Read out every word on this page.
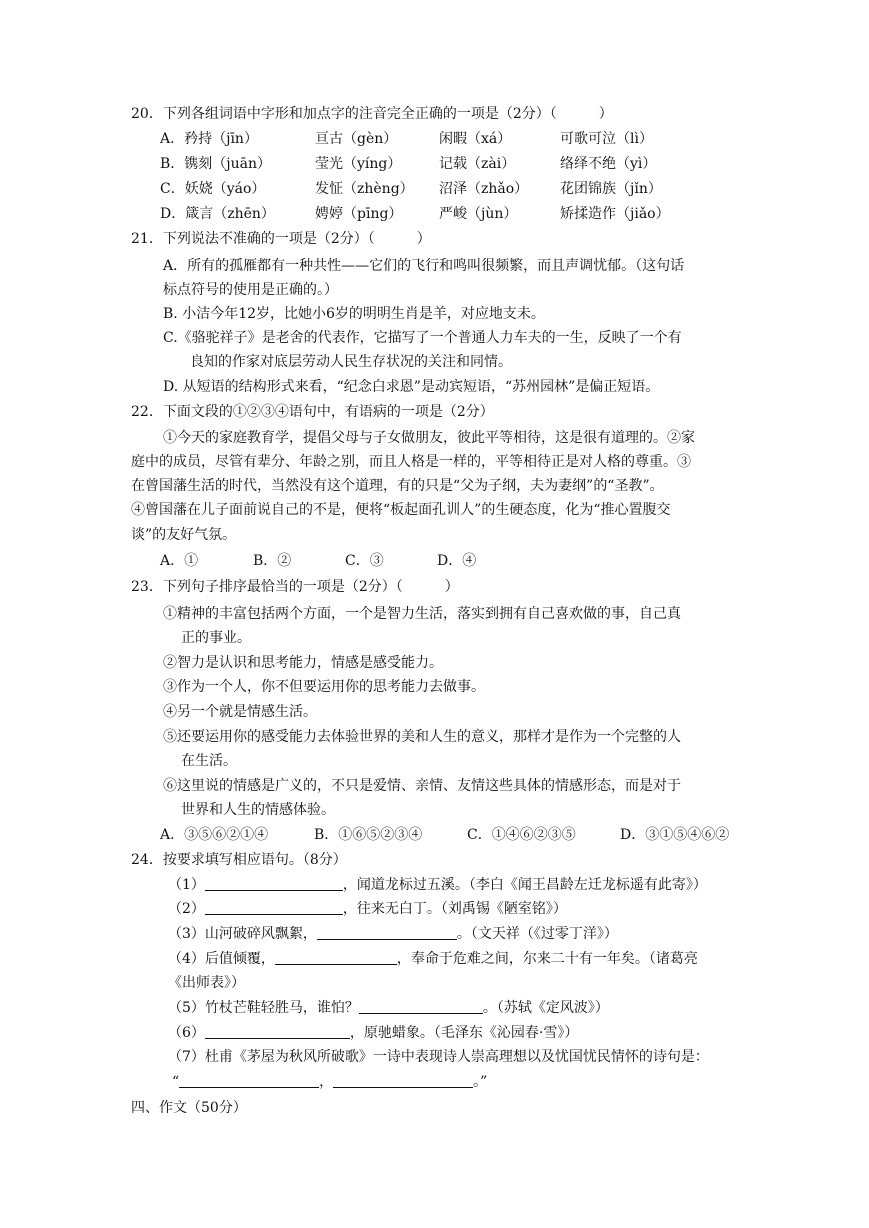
20．下列各组词语中字形和加点字的注音完全正确的一项是（2分）（　　　）
A．矜持（jīn）	亘古（gèn）	闲暇（xá）	可歌可泣（lì）
B．镌刻（juān）	莹光（yíng）	记载（zài）	络绎不绝（yì）
C．妖娆（yáo）	发怔（zhèng） 沼泽（zhǎo） 花团锦族（jǐn）
D．箴言（zhēn）	娉婷（pīng）	严峻（jùn）	矫揉造作（jiǎo）
21．下列说法不准确的一项是（2分）（　　　）
A．所有的孤雁都有一种共性——它们的飞行和鸣叫很频繁，而且声调忧郁。（这句话
标点符号的使用是正确的。）
B. 小洁今年12岁，比她小6岁的明明生肖是羊，对应地支未。
C.《骆驼祥子》是老舍的代表作，它描写了一个普通人力车夫的一生，反映了一个有
良知的作家对底层劳动人民生存状况的关注和同情。
D. 从短语的结构形式来看，“纪念白求恩”是动宾短语，“苏州园林”是偏正短语。
22．下面文段的①②③④语句中，有语病的一项是（2分）
①今天的家庭教育学，提倡父母与子女做朋友，彼此平等相待，这是很有道理的。②家
庭中的成员，尽管有辈分、年龄之别，而且人格是一样的，平等相待正是对人格的尊重。③
在曾国藩生活的时代，当然没有这个道理，有的只是“父为子纲，夫为妻纲”的“圣教”。
④曾国藩在儿子面前说自己的不是，便将“板起面孔训人”的生硬态度，化为“推心置腹交
谈”的友好气氛。
A．①	B．②	C．③	D．④
23．下列句子排序最恰当的一项是（2分）（　　　）
①精神的丰富包括两个方面，一个是智力生活，落实到拥有自己喜欢做的事，自己真
正的事业。
②智力是认识和思考能力，情感是感受能力。
③作为一个人，你不但要运用你的思考能力去做事。
④另一个就是情感生活。
⑤还要运用你的感受能力去体验世界的美和人生的意义，那样才是作为一个完整的人
在生活。
⑥这里说的情感是广义的，不只是爱情、亲情、友情这些具体的情感形态，而是对于
世界和人生的情感体验。
A．③⑤⑥②①④	B．①⑥⑤②③④	C．①④⑥②③⑤	D．③①⑤④⑥②
24．按要求填写相应语句。（8分）
（1）	，闻道龙标过五溪。（李白《闻王昌龄左迁龙标遥有此寄》）
（2）	，往来无白丁。（刘禹锡《陋室铭》）
（3）山河破碎风飘絮，	。（文天祥（《过零丁洋》）
（4）后值倾覆，	，奉命于危难之间，尔来二十有一年矣。（诸葛亮
《出师表》）
（5）竹杖芒鞋轻胜马，谁怕？	。（苏轼《定风波》）
（6）	，原驰蜡象。（毛泽东《沁园春·雪》）
（7）杜甫《茅屋为秋风所破歌》一诗中表现诗人崇高理想以及忧国忧民情怀的诗句是：
“	，	。”
四、作文（50分）
